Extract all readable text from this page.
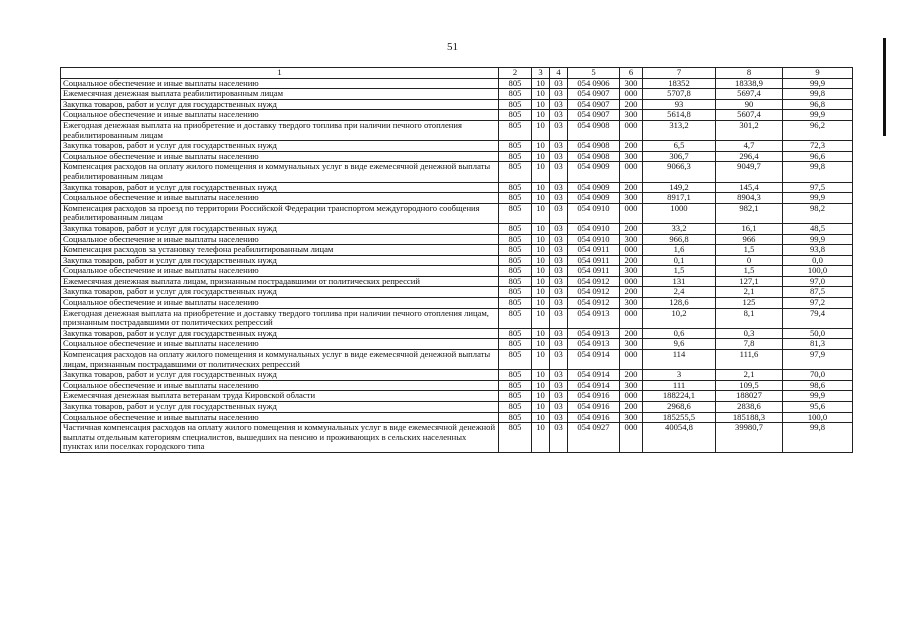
51
1	2	3	4	5	6	7	8	9
Социальное обеспечение и иные выплаты населению	805	10	03	054 0906	300	18352	18338,9	99,9
Ежемесячная денежная выплата реабилитированным лицам	805	10	03	054 0907	000	5707,8	5697,4	99,8
Закупка товаров, работ и услуг для государственных нужд	805	10	03	054 0907	200	93	90	96,8
Социальное обеспечение и иные выплаты населению	805	10	03	054 0907	300	5614,8	5607,4	99,9
Ежегодная денежная выплата на приобретение и доставку твердого топлива при наличии печного отопления реабилитированным лицам	805	10	03	054 0908	000	313,2	301,2	96,2
Закупка товаров, работ и услуг для государственных нужд	805	10	03	054 0908	200	6,5	4,7	72,3
Социальное обеспечение и иные выплаты населению	805	10	03	054 0908	300	306,7	296,4	96,6
Компенсация расходов на оплату жилого помещения и коммунальных услуг в виде ежемесячной денежной выплаты реабилитированным лицам	805	10	03	054 0909	000	9066,3	9049,7	99,8
Закупка товаров, работ и услуг для государственных нужд	805	10	03	054 0909	200	149,2	145,4	97,5
Социальное обеспечение и иные выплаты населению	805	10	03	054 0909	300	8917,1	8904,3	99,9
Компенсация расходов за проезд по территории Российской Федерации транспортом междугородного сообщения реабилитированным лицам	805	10	03	054 0910	000	1000	982,1	98,2
Закупка товаров, работ и услуг для государственных нужд	805	10	03	054 0910	200	33,2	16,1	48,5
Социальное обеспечение и иные выплаты населению	805	10	03	054 0910	300	966,8	966	99,9
Компенсация расходов за установку телефона реабилитированным лицам	805	10	03	054 0911	000	1,6	1,5	93,8
Закупка товаров, работ и услуг для государственных нужд	805	10	03	054 0911	200	0,1	0	0,0
Социальное обеспечение и иные выплаты населению	805	10	03	054 0911	300	1,5	1,5	100,0
Ежемесячная денежная выплата лицам, признанным пострадавшими от политических репрессий	805	10	03	054 0912	000	131	127,1	97,0
Закупка товаров, работ и услуг для государственных нужд	805	10	03	054 0912	200	2,4	2,1	87,5
Социальное обеспечение и иные выплаты населению	805	10	03	054 0912	300	128,6	125	97,2
Ежегодная денежная выплата на приобретение и доставку твердого топлива при наличии печного отопления лицам, признанным пострадавшими от политических репрессий	805	10	03	054 0913	000	10,2	8,1	79,4
Закупка товаров, работ и услуг для государственных нужд	805	10	03	054 0913	200	0,6	0,3	50,0
Социальное обеспечение и иные выплаты населению	805	10	03	054 0913	300	9,6	7,8	81,3
Компенсация расходов на оплату жилого помещения и коммунальных услуг в виде ежемесячной денежной выплаты лицам, признанным пострадавшими от политических репрессий	805	10	03	054 0914	000	114	111,6	97,9
Закупка товаров, работ и услуг для государственных нужд	805	10	03	054 0914	200	3	2,1	70,0
Социальное обеспечение и иные выплаты населению	805	10	03	054 0914	300	111	109,5	98,6
Ежемесячная денежная выплата ветеранам труда Кировской области	805	10	03	054 0916	000	188224,1	188027	99,9
Закупка товаров, работ и услуг для государственных нужд	805	10	03	054 0916	200	2968,6	2838,6	95,6
Социальное обеспечение и иные выплаты населению	805	10	03	054 0916	300	185255,5	185188,3	100,0
Частичная компенсация расходов на оплату жилого помещения и коммунальных услуг в виде ежемесячной денежной выплаты отдельным категориям специалистов, вышедших на пенсию и проживающих в сельских населенных пунктах или поселках городского типа	805	10	03	054 0927	000	40054,8	39980,7	99,8
